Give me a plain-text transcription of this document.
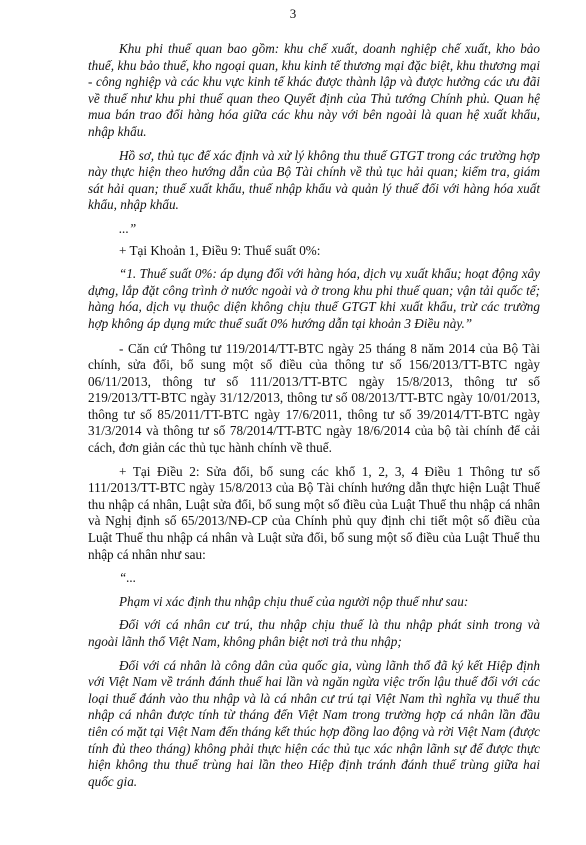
3

Khu phi thuế quan bao gồm: khu chế xuất, doanh nghiệp chế xuất, kho bảo thuế, khu bảo thuế, kho ngoại quan, khu kinh tế thương mại đặc biệt, khu thương mại - công nghiệp và các khu vực kinh tế khác được thành lập và được hưởng các ưu đãi về thuế như khu phi thuế quan theo Quyết định của Thủ tướng Chính phủ. Quan hệ mua bán trao đổi hàng hóa giữa các khu này với bên ngoài là quan hệ xuất khẩu, nhập khẩu.

Hồ sơ, thủ tục để xác định và xử lý không thu thuế GTGT trong các trường hợp này thực hiện theo hướng dẫn của Bộ Tài chính về thủ tục hải quan; kiểm tra, giám sát hải quan; thuế xuất khẩu, thuế nhập khẩu và quản lý thuế đối với hàng hóa xuất khẩu, nhập khẩu.

...”

+ Tại Khoản 1, Điều 9: Thuế suất 0%:

“1. Thuế suất 0%: áp dụng đối với hàng hóa, dịch vụ xuất khẩu; hoạt động xây dựng, lắp đặt công trình ở nước ngoài và ở trong khu phi thuế quan; vận tải quốc tế; hàng hóa, dịch vụ thuộc diện không chịu thuế GTGT khi xuất khẩu, trừ các trường hợp không áp dụng mức thuế suất 0% hướng dẫn tại khoản 3 Điều này.”

- Căn cứ Thông tư 119/2014/TT-BTC ngày 25 tháng 8 năm 2014 của Bộ Tài chính, sửa đổi, bổ sung một số điều của thông tư số 156/2013/TT-BTC ngày 06/11/2013, thông tư số 111/2013/TT-BTC ngày 15/8/2013, thông tư số 219/2013/TT-BTC ngày 31/12/2013, thông tư số 08/2013/TT-BTC ngày 10/01/2013, thông tư số 85/2011/TT-BTC ngày 17/6/2011, thông tư số 39/2014/TT-BTC ngày 31/3/2014 và thông tư số 78/2014/TT-BTC ngày 18/6/2014 của bộ tài chính để cải cách, đơn giản các thủ tục hành chính về thuế.

+ Tại Điều 2: Sửa đổi, bổ sung các khổ 1, 2, 3, 4 Điều 1 Thông tư số 111/2013/TT-BTC ngày 15/8/2013 của Bộ Tài chính hướng dẫn thực hiện Luật Thuế thu nhập cá nhân, Luật sửa đổi, bổ sung một số điều của Luật Thuế thu nhập cá nhân và Nghị định số 65/2013/NĐ-CP của Chính phủ quy định chi tiết một số điều của Luật Thuế thu nhập cá nhân và Luật sửa đổi, bổ sung một số điều của Luật Thuế thu nhập cá nhân như sau:

“...

Phạm vi xác định thu nhập chịu thuế của người nộp thuế như sau:

Đối với cá nhân cư trú, thu nhập chịu thuế là thu nhập phát sinh trong và ngoài lãnh thổ Việt Nam, không phân biệt nơi trả thu nhập;

Đối với cá nhân là công dân của quốc gia, vùng lãnh thổ đã ký kết Hiệp định với Việt Nam về tránh đánh thuế hai lần và ngăn ngừa việc trốn lậu thuế đối với các loại thuế đánh vào thu nhập và là cá nhân cư trú tại Việt Nam thì nghĩa vụ thuế thu nhập cá nhân được tính từ tháng đến Việt Nam trong trường hợp cá nhân lần đầu tiên có mặt tại Việt Nam đến tháng kết thúc hợp đồng lao động và rời Việt Nam (được tính đủ theo tháng) không phải thực hiện các thủ tục xác nhận lãnh sự để được thực hiện không thu thuế trùng hai lần theo Hiệp định tránh đánh thuế trùng giữa hai quốc gia.
